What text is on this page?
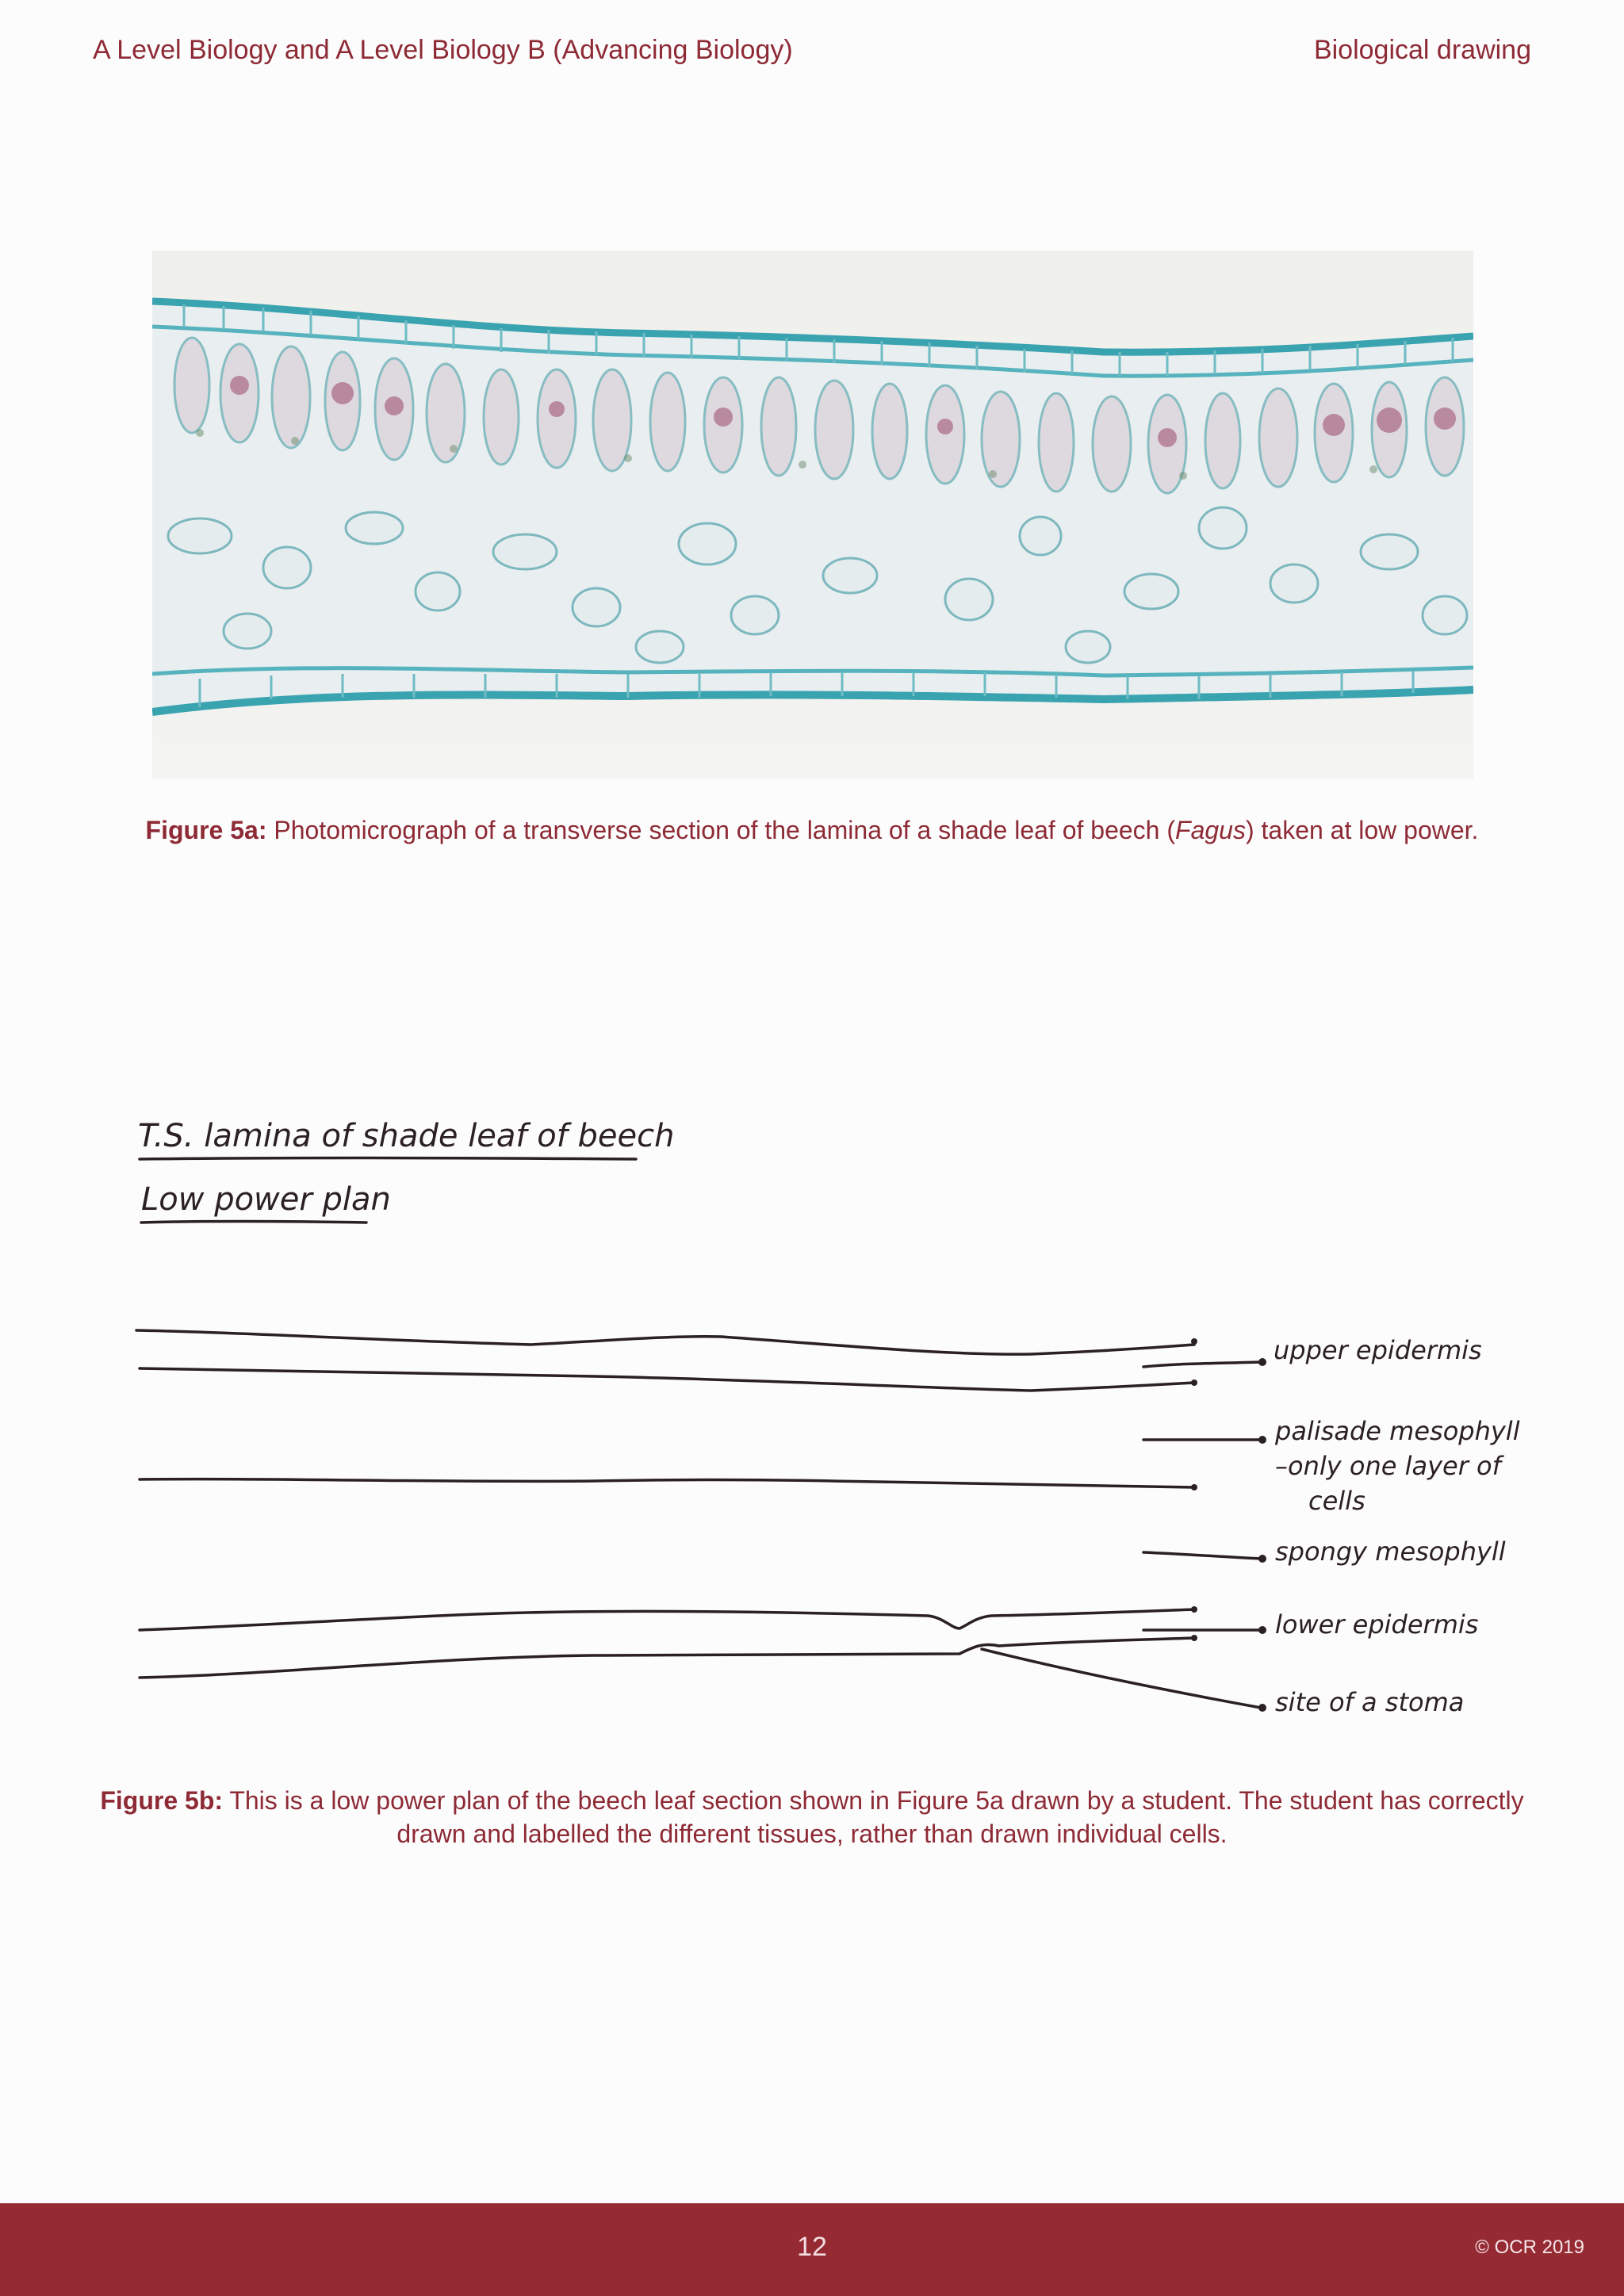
A Level Biology and A Level Biology B (Advancing Biology)	Biological drawing
Figure 5a: Photomicrograph of a transverse section of the lamina of a shade leaf of beech (Fagus) taken at low power.
T.S. lamina of shade leaf of beech
Low power plan
upper epidermis
palisade mesophyll
–only one layer of
cells
spongy mesophyll
lower epidermis
site of a stoma
Figure 5b: This is a low power plan of the beech leaf section shown in Figure 5a drawn by a student. The student has correctly drawn and labelled the different tissues, rather than drawn individual cells.
12	© OCR 2019
